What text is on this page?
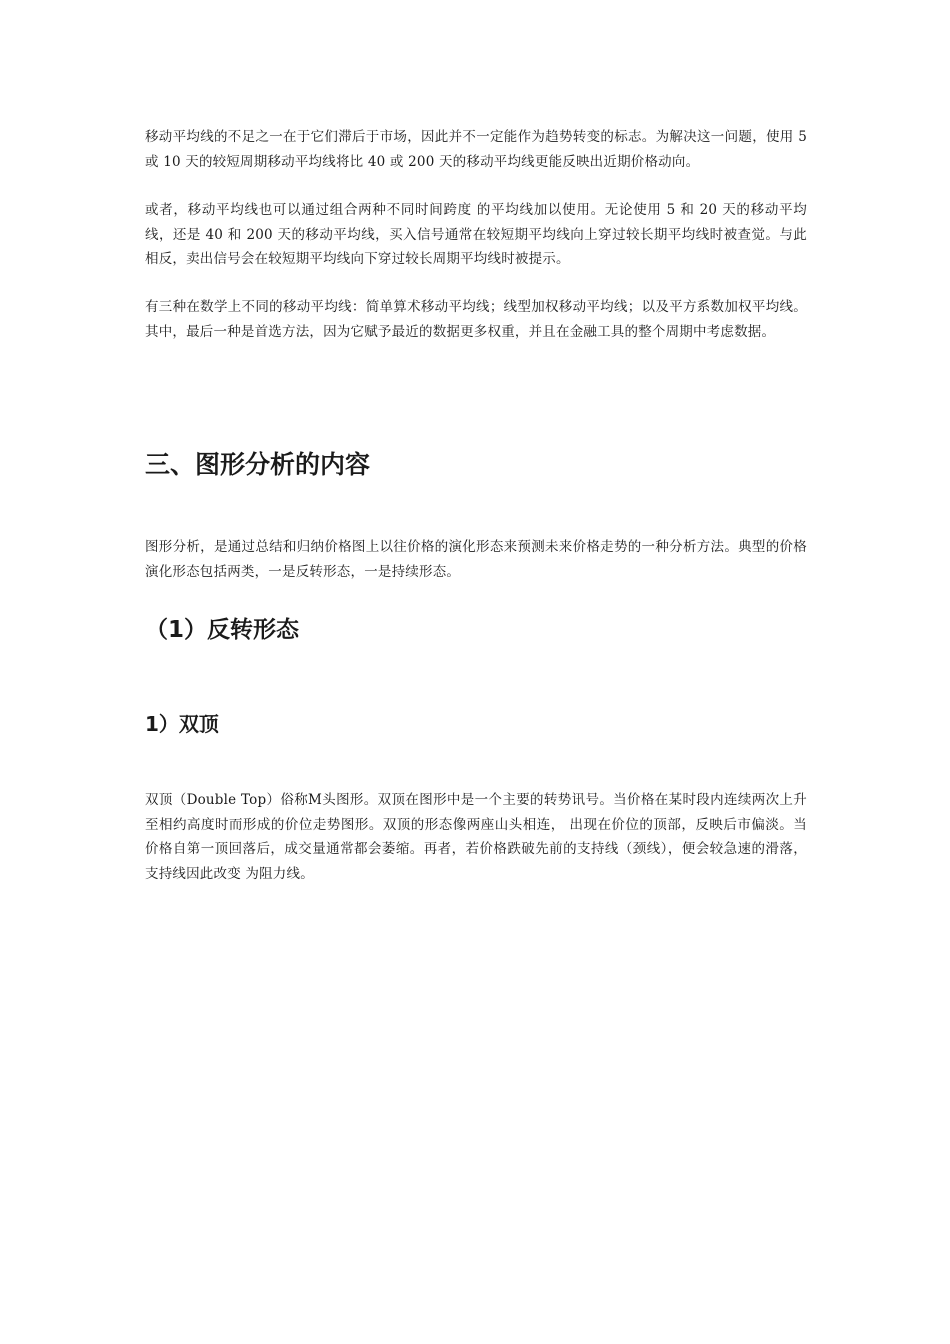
移动平均线的不足之一在于它们滞后于市场，因此并不一定能作为趋势转变的标志。为解决这一问题，使用 5 或 10 天的较短周期移动平均线将比 40 或 200 天的移动平均线更能反映出近期价格动向。

或者，移动平均线也可以通过组合两种不同时间跨度 的平均线加以使用。无论使用 5 和 20 天的移动平均线，还是 40 和 200 天的移动平均线，买入信号通常在较短期平均线向上穿过较长期平均线时被查觉。与此相反，卖出信号会在较短期平均线向下穿过较长周期平均线时被提示。

有三种在数学上不同的移动平均线：简单算术移动平均线；线型加权移动平均线；以及平方系数加权平均线。其中，最后一种是首选方法，因为它赋予最近的数据更多权重，并且在金融工具的整个周期中考虑数据。

三、图形分析的内容

图形分析，是通过总结和归纳价格图上以往价格的演化形态来预测未来价格走势的一种分析方法。典型的价格演化形态包括两类，一是反转形态，一是持续形态。

（1）反转形态
1）双顶

双顶（Double Top）俗称M头图形。双顶在图形中是一个主要的转势讯号。当价格在某时段内连续两次上升至相约高度时而形成的价位走势图形。双顶的形态像两座山头相连， 出现在价位的顶部，反映后市偏淡。当价格自第一顶回落后，成交量通常都会萎缩。再者，若价格跌破先前的支持线（颈线），便会较急速的滑落，支持线因此改变 为阻力线。
